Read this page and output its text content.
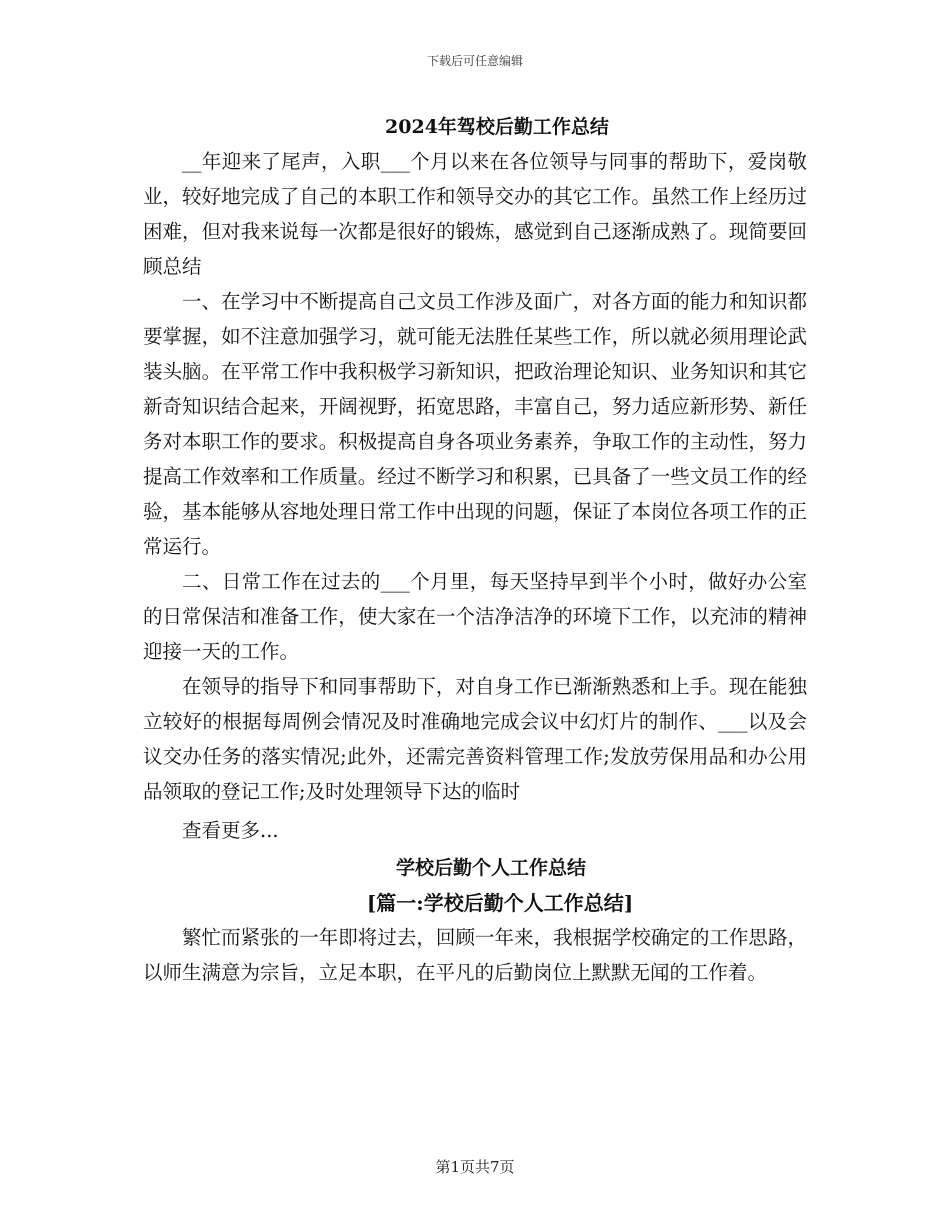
下载后可任意编辑
2024年驾校后勤工作总结

__年迎来了尾声，入职___个月以来在各位领导与同事的帮助下，爱岗敬业，较好地完成了自己的本职工作和领导交办的其它工作。虽然工作上经历过困难，但对我来说每一次都是很好的锻炼，感觉到自己逐渐成熟了。现简要回顾总结

一、在学习中不断提高自己文员工作涉及面广，对各方面的能力和知识都要掌握，如不注意加强学习，就可能无法胜任某些工作，所以就必须用理论武装头脑。在平常工作中我积极学习新知识，把政治理论知识、业务知识和其它新奇知识结合起来，开阔视野，拓宽思路，丰富自己，努力适应新形势、新任务对本职工作的要求。积极提高自身各项业务素养，争取工作的主动性，努力提高工作效率和工作质量。经过不断学习和积累，已具备了一些文员工作的经验，基本能够从容地处理日常工作中出现的问题，保证了本岗位各项工作的正常运行。

二、日常工作在过去的___个月里，每天坚持早到半个小时，做好办公室的日常保洁和准备工作，使大家在一个洁净洁净的环境下工作，以充沛的精神迎接一天的工作。

在领导的指导下和同事帮助下，对自身工作已渐渐熟悉和上手。现在能独立较好的根据每周例会情况及时准确地完成会议中幻灯片的制作、___以及会议交办任务的落实情况;此外，还需完善资料管理工作;发放劳保用品和办公用品领取的登记工作;及时处理领导下达的临时

查看更多...
学校后勤个人工作总结
[篇一:学校后勤个人工作总结]

繁忙而紧张的一年即将过去，回顾一年来，我根据学校确定的工作思路，以师生满意为宗旨，立足本职，在平凡的后勤岗位上默默无闻的工作着。

第1页共7页
